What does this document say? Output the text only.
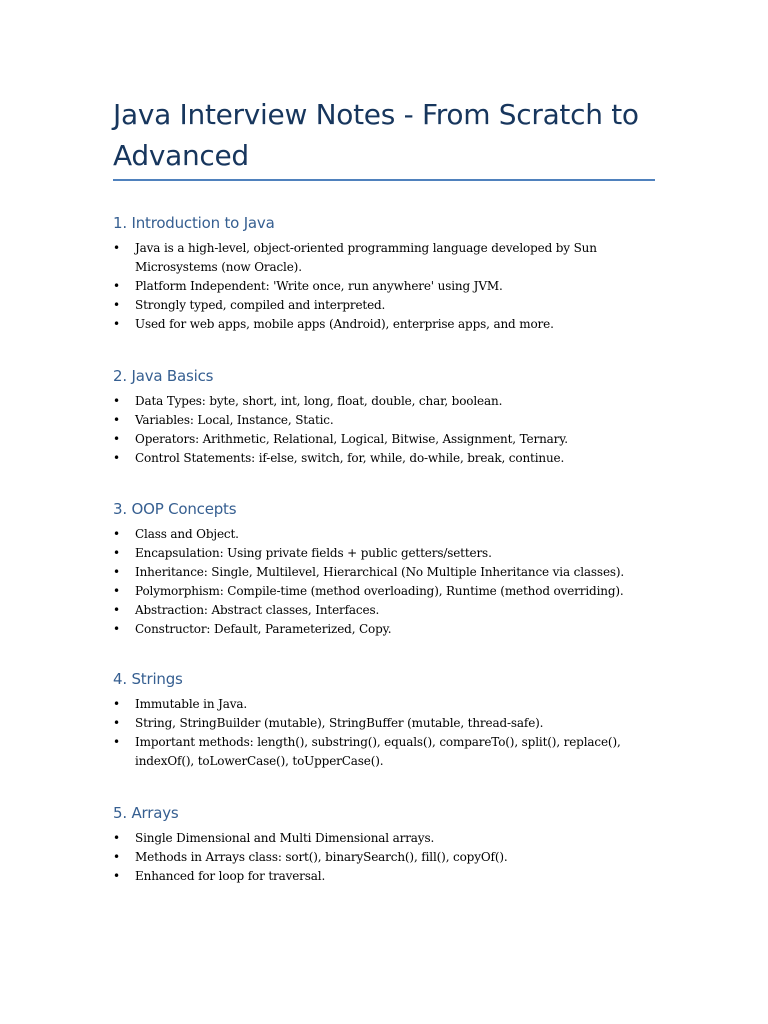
Java Interview Notes - From Scratch to Advanced
1. Introduction to Java
• Java is a high-level, object-oriented programming language developed by Sun Microsystems (now Oracle).
• Platform Independent: 'Write once, run anywhere' using JVM.
• Strongly typed, compiled and interpreted.
• Used for web apps, mobile apps (Android), enterprise apps, and more.
2. Java Basics
• Data Types: byte, short, int, long, float, double, char, boolean.
• Variables: Local, Instance, Static.
• Operators: Arithmetic, Relational, Logical, Bitwise, Assignment, Ternary.
• Control Statements: if-else, switch, for, while, do-while, break, continue.
3. OOP Concepts
• Class and Object.
• Encapsulation: Using private fields + public getters/setters.
• Inheritance: Single, Multilevel, Hierarchical (No Multiple Inheritance via classes).
• Polymorphism: Compile-time (method overloading), Runtime (method overriding).
• Abstraction: Abstract classes, Interfaces.
• Constructor: Default, Parameterized, Copy.
4. Strings
• Immutable in Java.
• String, StringBuilder (mutable), StringBuffer (mutable, thread-safe).
• Important methods: length(), substring(), equals(), compareTo(), split(), replace(), indexOf(), toLowerCase(), toUpperCase().
5. Arrays
• Single Dimensional and Multi Dimensional arrays.
• Methods in Arrays class: sort(), binarySearch(), fill(), copyOf().
• Enhanced for loop for traversal.
